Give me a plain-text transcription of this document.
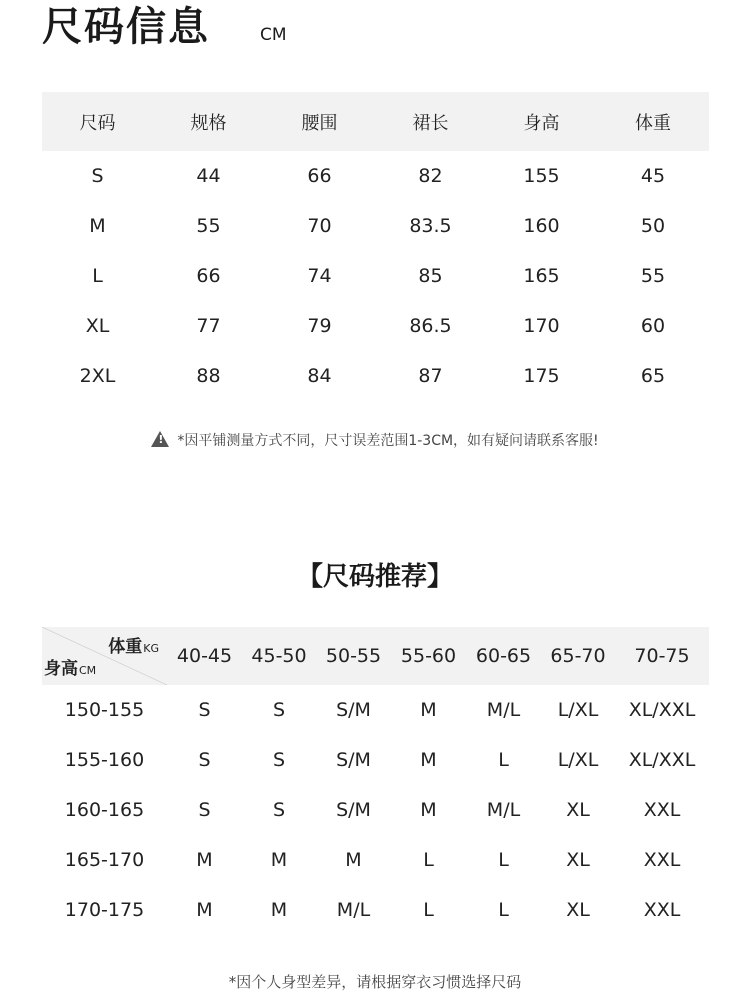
尺码信息	CM
尺码	规格	腰围	裙长	身高	体重
S	44	66	82	155	45
M	55	70	83.5	160	50
L	66	74	85	165	55
XL	77	79	86.5	170	60
2XL	88	84	87	175	65
!*因平铺测量方式不同，尺寸误差范围1-3CM，如有疑问请联系客服!
【尺码推荐】
体重KG
身高CM	40-45	45-50	50-55	55-60	60-65	65-70	70-75
150-155	S	S	S/M	M	M/L	L/XL	XL/XXL
155-160	S	S	S/M	M	L	L/XL	XL/XXL
160-165	S	S	S/M	M	M/L	XL	XXL
165-170	M	M	M	L	L	XL	XXL
170-175	M	M	M/L	L	L	XL	XXL
*因个人身型差异，请根据穿衣习惯选择尺码
